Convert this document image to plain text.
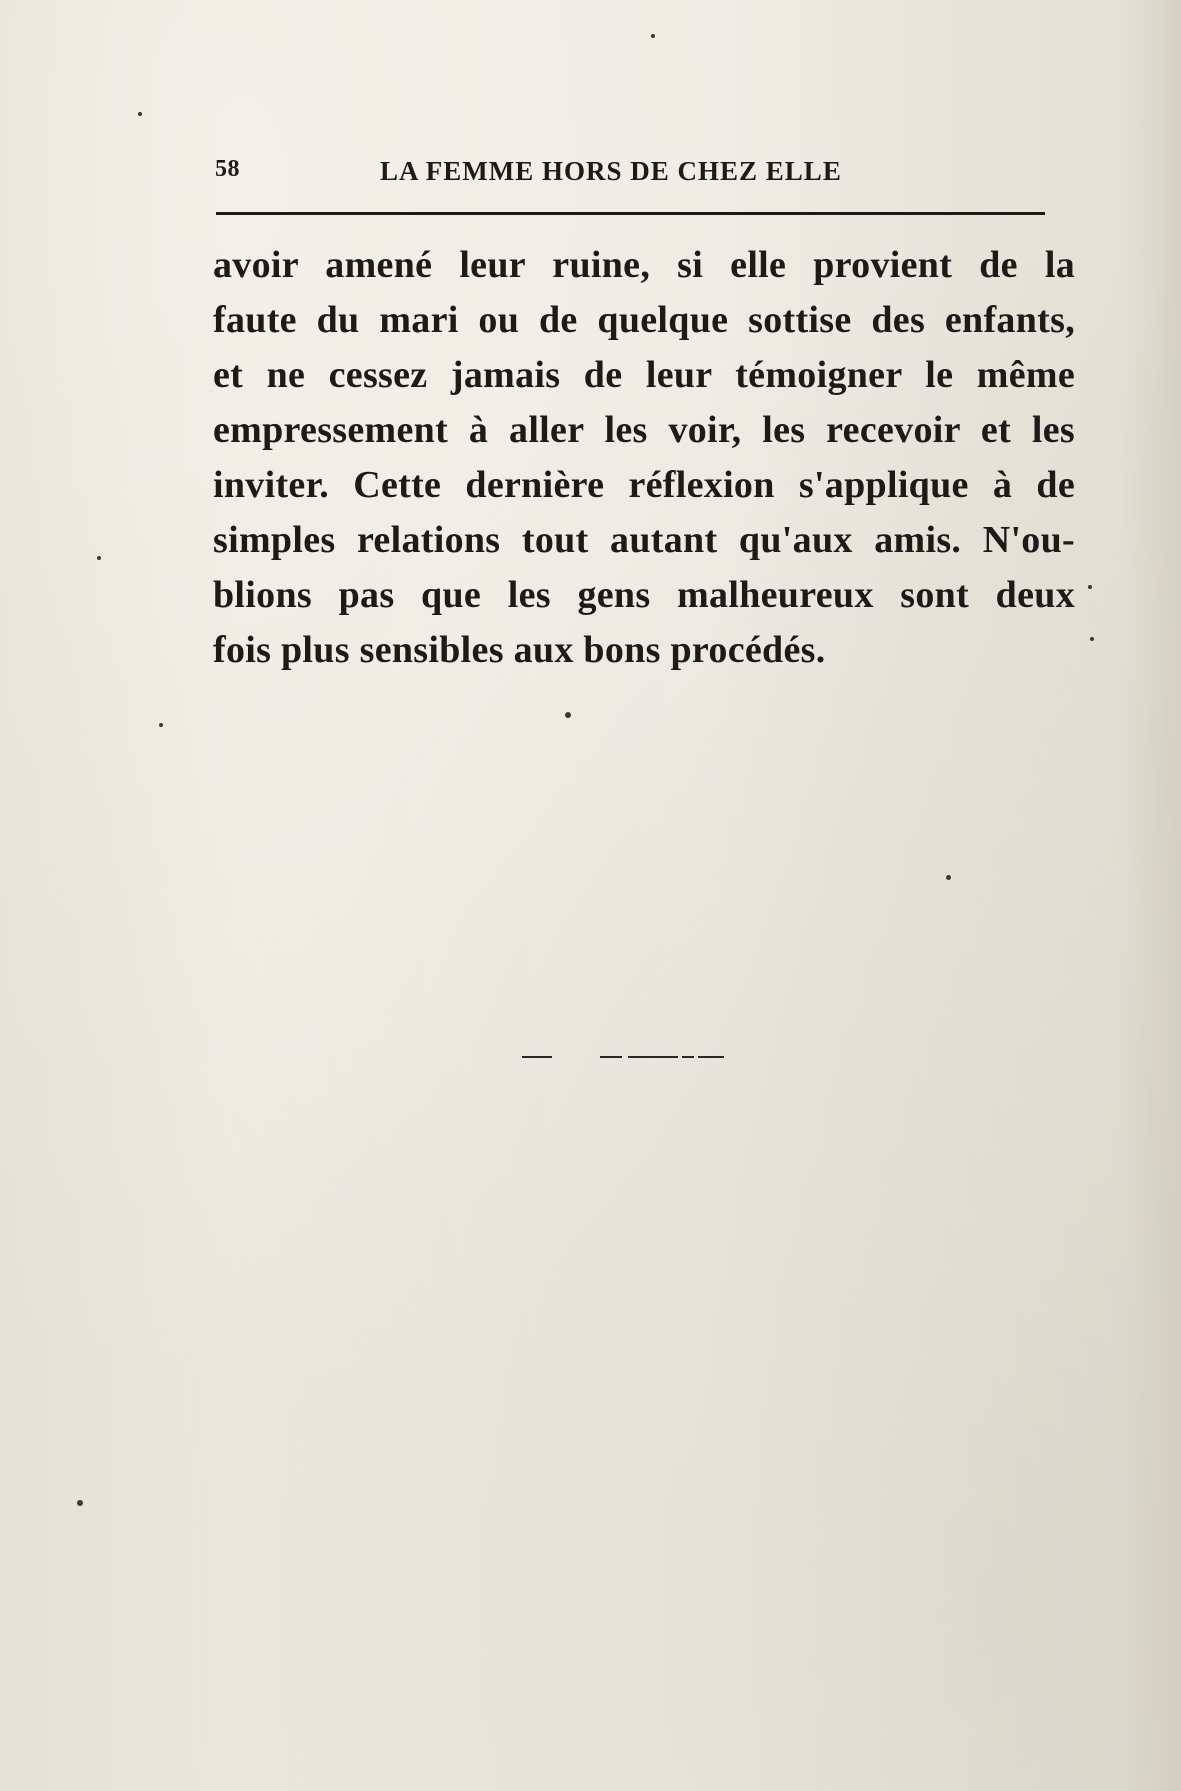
58	LA FEMME HORS DE CHEZ ELLE
avoir amené leur ruine, si elle provient de la
faute du mari ou de quelque sottise des enfants,
et ne cessez jamais de leur témoigner le même
empressement à aller les voir, les recevoir et les
inviter. Cette dernière réflexion s'applique à de
simples relations tout autant qu'aux amis. N'ou-
blions pas que les gens malheureux sont deux
fois plus sensibles aux bons procédés.
